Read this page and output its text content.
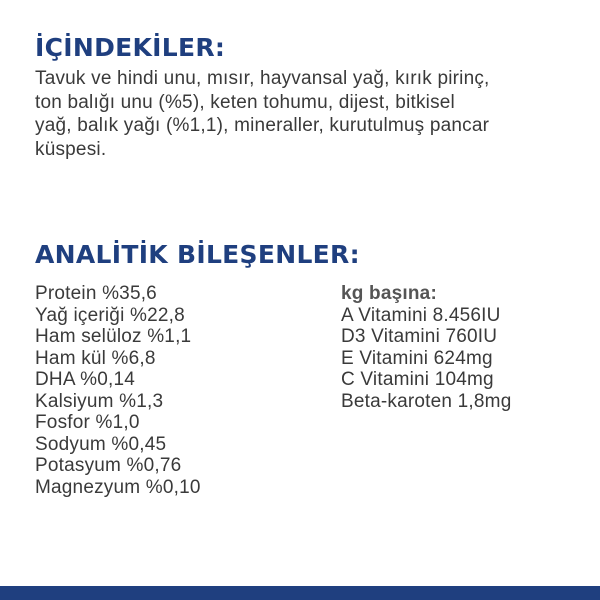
İÇİNDEKİLER:

Tavuk ve hindi unu, mısır, hayvansal yağ, kırık pirinç,
ton balığı unu (%5), keten tohumu, dijest, bitkisel
yağ, balık yağı (%1,1), mineraller, kurutulmuş pancar
küspesi.

ANALİTİK BİLEŞENLER:
Protein %35,6
Yağ içeriği %22,8
Ham selüloz %1,1
Ham kül %6,8
DHA %0,14
Kalsiyum %1,3
Fosfor %1,0
Sodyum %0,45
Potasyum %0,76
Magnezyum %0,10
kg başına:
A Vitamini 8.456IU
D3 Vitamini 760IU
E Vitamini 624mg
C Vitamini 104mg
Beta-karoten 1,8mg
